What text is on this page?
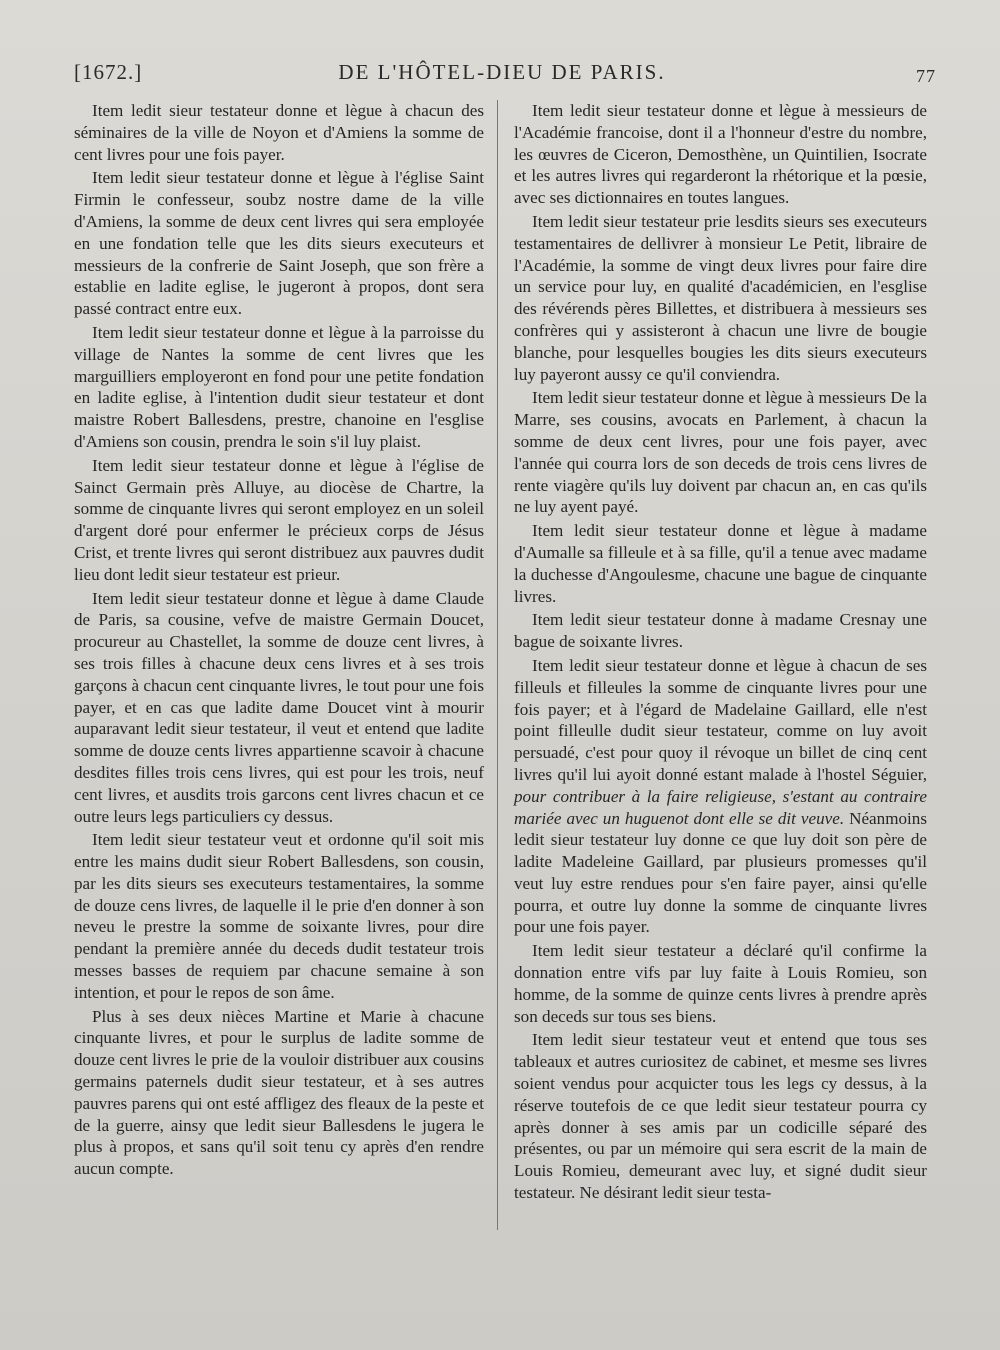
[1672.]	DE L'HÔTEL-DIEU DE PARIS.	77

Item ledit sieur testateur donne et lègue à chacun des séminaires de la ville de Noyon et d'Amiens la somme de cent livres pour une fois payer.

Item ledit sieur testateur donne et lègue à l'église Saint Firmin le confesseur, soubz nostre dame de la ville d'Amiens, la somme de deux cent livres qui sera employée en une fondation telle que les dits sieurs executeurs et messieurs de la confrerie de Saint Joseph, que son frère a establie en ladite eglise, le jugeront à propos, dont sera passé contract entre eux.

Item ledit sieur testateur donne et lègue à la parroisse du village de Nantes la somme de cent livres que les marguilliers employeront en fond pour une petite fondation en ladite eglise, à l'intention dudit sieur testateur et dont maistre Robert Ballesdens, prestre, chanoine en l'esglise d'Amiens son cousin, prendra le soin s'il luy plaist.

Item ledit sieur testateur donne et lègue à l'église de Sainct Germain près Alluye, au diocèse de Chartre, la somme de cinquante livres qui seront employez en un soleil d'argent doré pour enfermer le précieux corps de Jésus Crist, et trente livres qui seront distribuez aux pauvres dudit lieu dont ledit sieur testateur est prieur.

Item ledit sieur testateur donne et lègue à dame Claude de Paris, sa cousine, vefve de maistre Germain Doucet, procureur au Chastellet, la somme de douze cent livres, à ses trois filles à chacune deux cens livres et à ses trois garçons à chacun cent cinquante livres, le tout pour une fois payer, et en cas que ladite dame Doucet vint à mourir auparavant ledit sieur testateur, il veut et entend que ladite somme de douze cents livres appartienne scavoir à chacune desdites filles trois cens livres, qui est pour les trois, neuf cent livres, et ausdits trois garcons cent livres chacun et ce outre leurs legs particuliers cy dessus.

Item ledit sieur testateur veut et ordonne qu'il soit mis entre les mains dudit sieur Robert Ballesdens, son cousin, par les dits sieurs ses executeurs testamentaires, la somme de douze cens livres, de laquelle il le prie d'en donner à son neveu le prestre la somme de soixante livres, pour dire pendant la première année du deceds dudit testateur trois messes basses de requiem par chacune semaine à son intention, et pour le repos de son âme.

Plus à ses deux nièces Martine et Marie à chacune cinquante livres, et pour le surplus de ladite somme de douze cent livres le prie de la vouloir distribuer aux cousins germains paternels dudit sieur testateur, et à ses autres pauvres parens qui ont esté affligez des fleaux de la peste et de la guerre, ainsy que ledit sieur Ballesdens le jugera le plus à propos, et sans qu'il soit tenu cy après d'en rendre aucun compte.

Item ledit sieur testateur donne et lègue à messieurs de l'Académie francoise, dont il a l'honneur d'estre du nombre, les œuvres de Ciceron, Demosthène, un Quintilien, Isocrate et les autres livres qui regarderont la rhétorique et la pœsie, avec ses dictionnaires en toutes langues.

Item ledit sieur testateur prie lesdits sieurs ses executeurs testamentaires de dellivrer à monsieur Le Petit, libraire de l'Académie, la somme de vingt deux livres pour faire dire un service pour luy, en qualité d'académicien, en l'esglise des révérends pères Billettes, et distribuera à messieurs ses confrères qui y assisteront à chacun une livre de bougie blanche, pour lesquelles bougies les dits sieurs executeurs luy payeront aussy ce qu'il conviendra.

Item ledit sieur testateur donne et lègue à messieurs De la Marre, ses cousins, avocats en Parlement, à chacun la somme de deux cent livres, pour une fois payer, avec l'année qui courra lors de son deceds de trois cens livres de rente viagère qu'ils luy doivent par chacun an, en cas qu'ils ne luy ayent payé.

Item ledit sieur testateur donne et lègue à madame d'Aumalle sa filleule et à sa fille, qu'il a tenue avec madame la duchesse d'Angoulesme, chacune une bague de cinquante livres.

Item ledit sieur testateur donne à madame Cresnay une bague de soixante livres.

Item ledit sieur testateur donne et lègue à chacun de ses filleuls et filleules la somme de cinquante livres pour une fois payer; et à l'égard de Madelaine Gaillard, elle n'est point filleulle dudit sieur testateur, comme on luy avoit persuadé, c'est pour quoy il révoque un billet de cinq cent livres qu'il lui ayoit donné estant malade à l'hostel Séguier, pour contribuer à la faire religieuse, s'estant au contraire mariée avec un huguenot dont elle se dit veuve. Néanmoins ledit sieur testateur luy donne ce que luy doit son père de ladite Madeleine Gaillard, par plusieurs promesses qu'il veut luy estre rendues pour s'en faire payer, ainsi qu'elle pourra, et outre luy donne la somme de cinquante livres pour une fois payer.

Item ledit sieur testateur a déclaré qu'il confirme la donnation entre vifs par luy faite à Louis Romieu, son homme, de la somme de quinze cents livres à prendre après son deceds sur tous ses biens.

Item ledit sieur testateur veut et entend que tous ses tableaux et autres curiositez de cabinet, et mesme ses livres soient vendus pour acquicter tous les legs cy dessus, à la réserve toutefois de ce que ledit sieur testateur pourra cy après donner à ses amis par un codicille séparé des présentes, ou par un mémoire qui sera escrit de la main de Louis Romieu, demeurant avec luy, et signé dudit sieur testateur. Ne désirant ledit sieur testa-
